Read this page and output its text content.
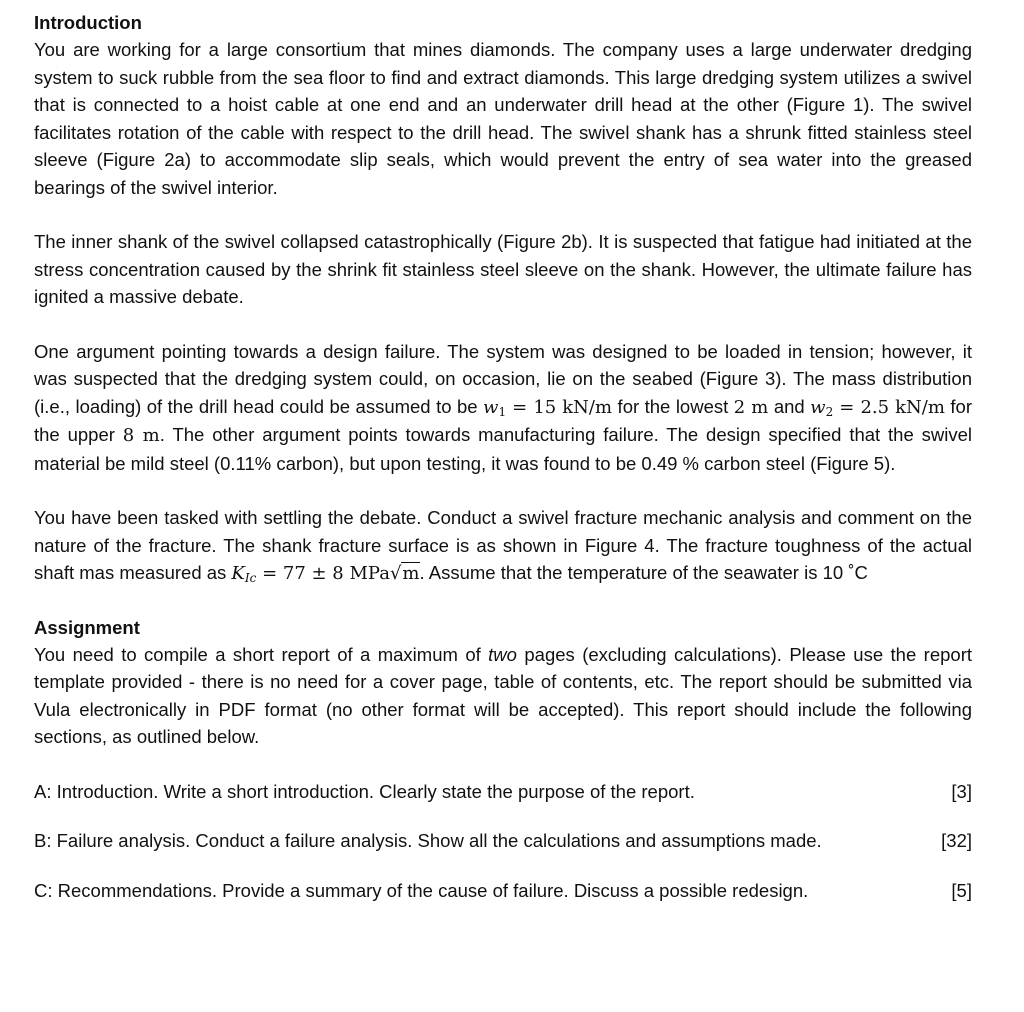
Introduction

You are working for a large consortium that mines diamonds. The company uses a large underwater dredging system to suck rubble from the sea floor to find and extract diamonds. This large dredging system utilizes a swivel that is connected to a hoist cable at one end and an underwater drill head at the other (Figure 1). The swivel facilitates rotation of the cable with respect to the drill head. The swivel shank has a shrunk fitted stainless steel sleeve (Figure 2a) to accommodate slip seals, which would prevent the entry of sea water into the greased bearings of the swivel interior.

The inner shank of the swivel collapsed catastrophically (Figure 2b). It is suspected that fatigue had initiated at the stress concentration caused by the shrink fit stainless steel sleeve on the shank. However, the ultimate failure has ignited a massive debate.

One argument pointing towards a design failure. The system was designed to be loaded in tension; however, it was suspected that the dredging system could, on occasion, lie on the seabed (Figure 3). The mass distribution (i.e., loading) of the drill head could be assumed to be $w_1 = 15$ kN/m for the lowest 2 m and $w_2 = 2.5$ kN/m for the upper 8 m. The other argument points towards manufacturing failure. The design specified that the swivel material be mild steel (0.11% carbon), but upon testing, it was found to be 0.49 % carbon steel (Figure 5).

You have been tasked with settling the debate. Conduct a swivel fracture mechanic analysis and comment on the nature of the fracture. The shank fracture surface is as shown in Figure 4. The fracture toughness of the actual shaft mas measured as $K_{Ic} = 77 \pm 8$ MPa√m. Assume that the temperature of the seawater is 10 ˚C

Assignment

You need to compile a short report of a maximum of two pages (excluding calculations). Please use the report template provided - there is no need for a cover page, table of contents, etc. The report should be submitted via Vula electronically in PDF format (no other format will be accepted). This report should include the following sections, as outlined below.

A: Introduction. Write a short introduction. Clearly state the purpose of the report.	[3]
B: Failure analysis. Conduct a failure analysis. Show all the calculations and assumptions made.	[32]
C: Recommendations. Provide a summary of the cause of failure. Discuss a possible redesign.	[5]
